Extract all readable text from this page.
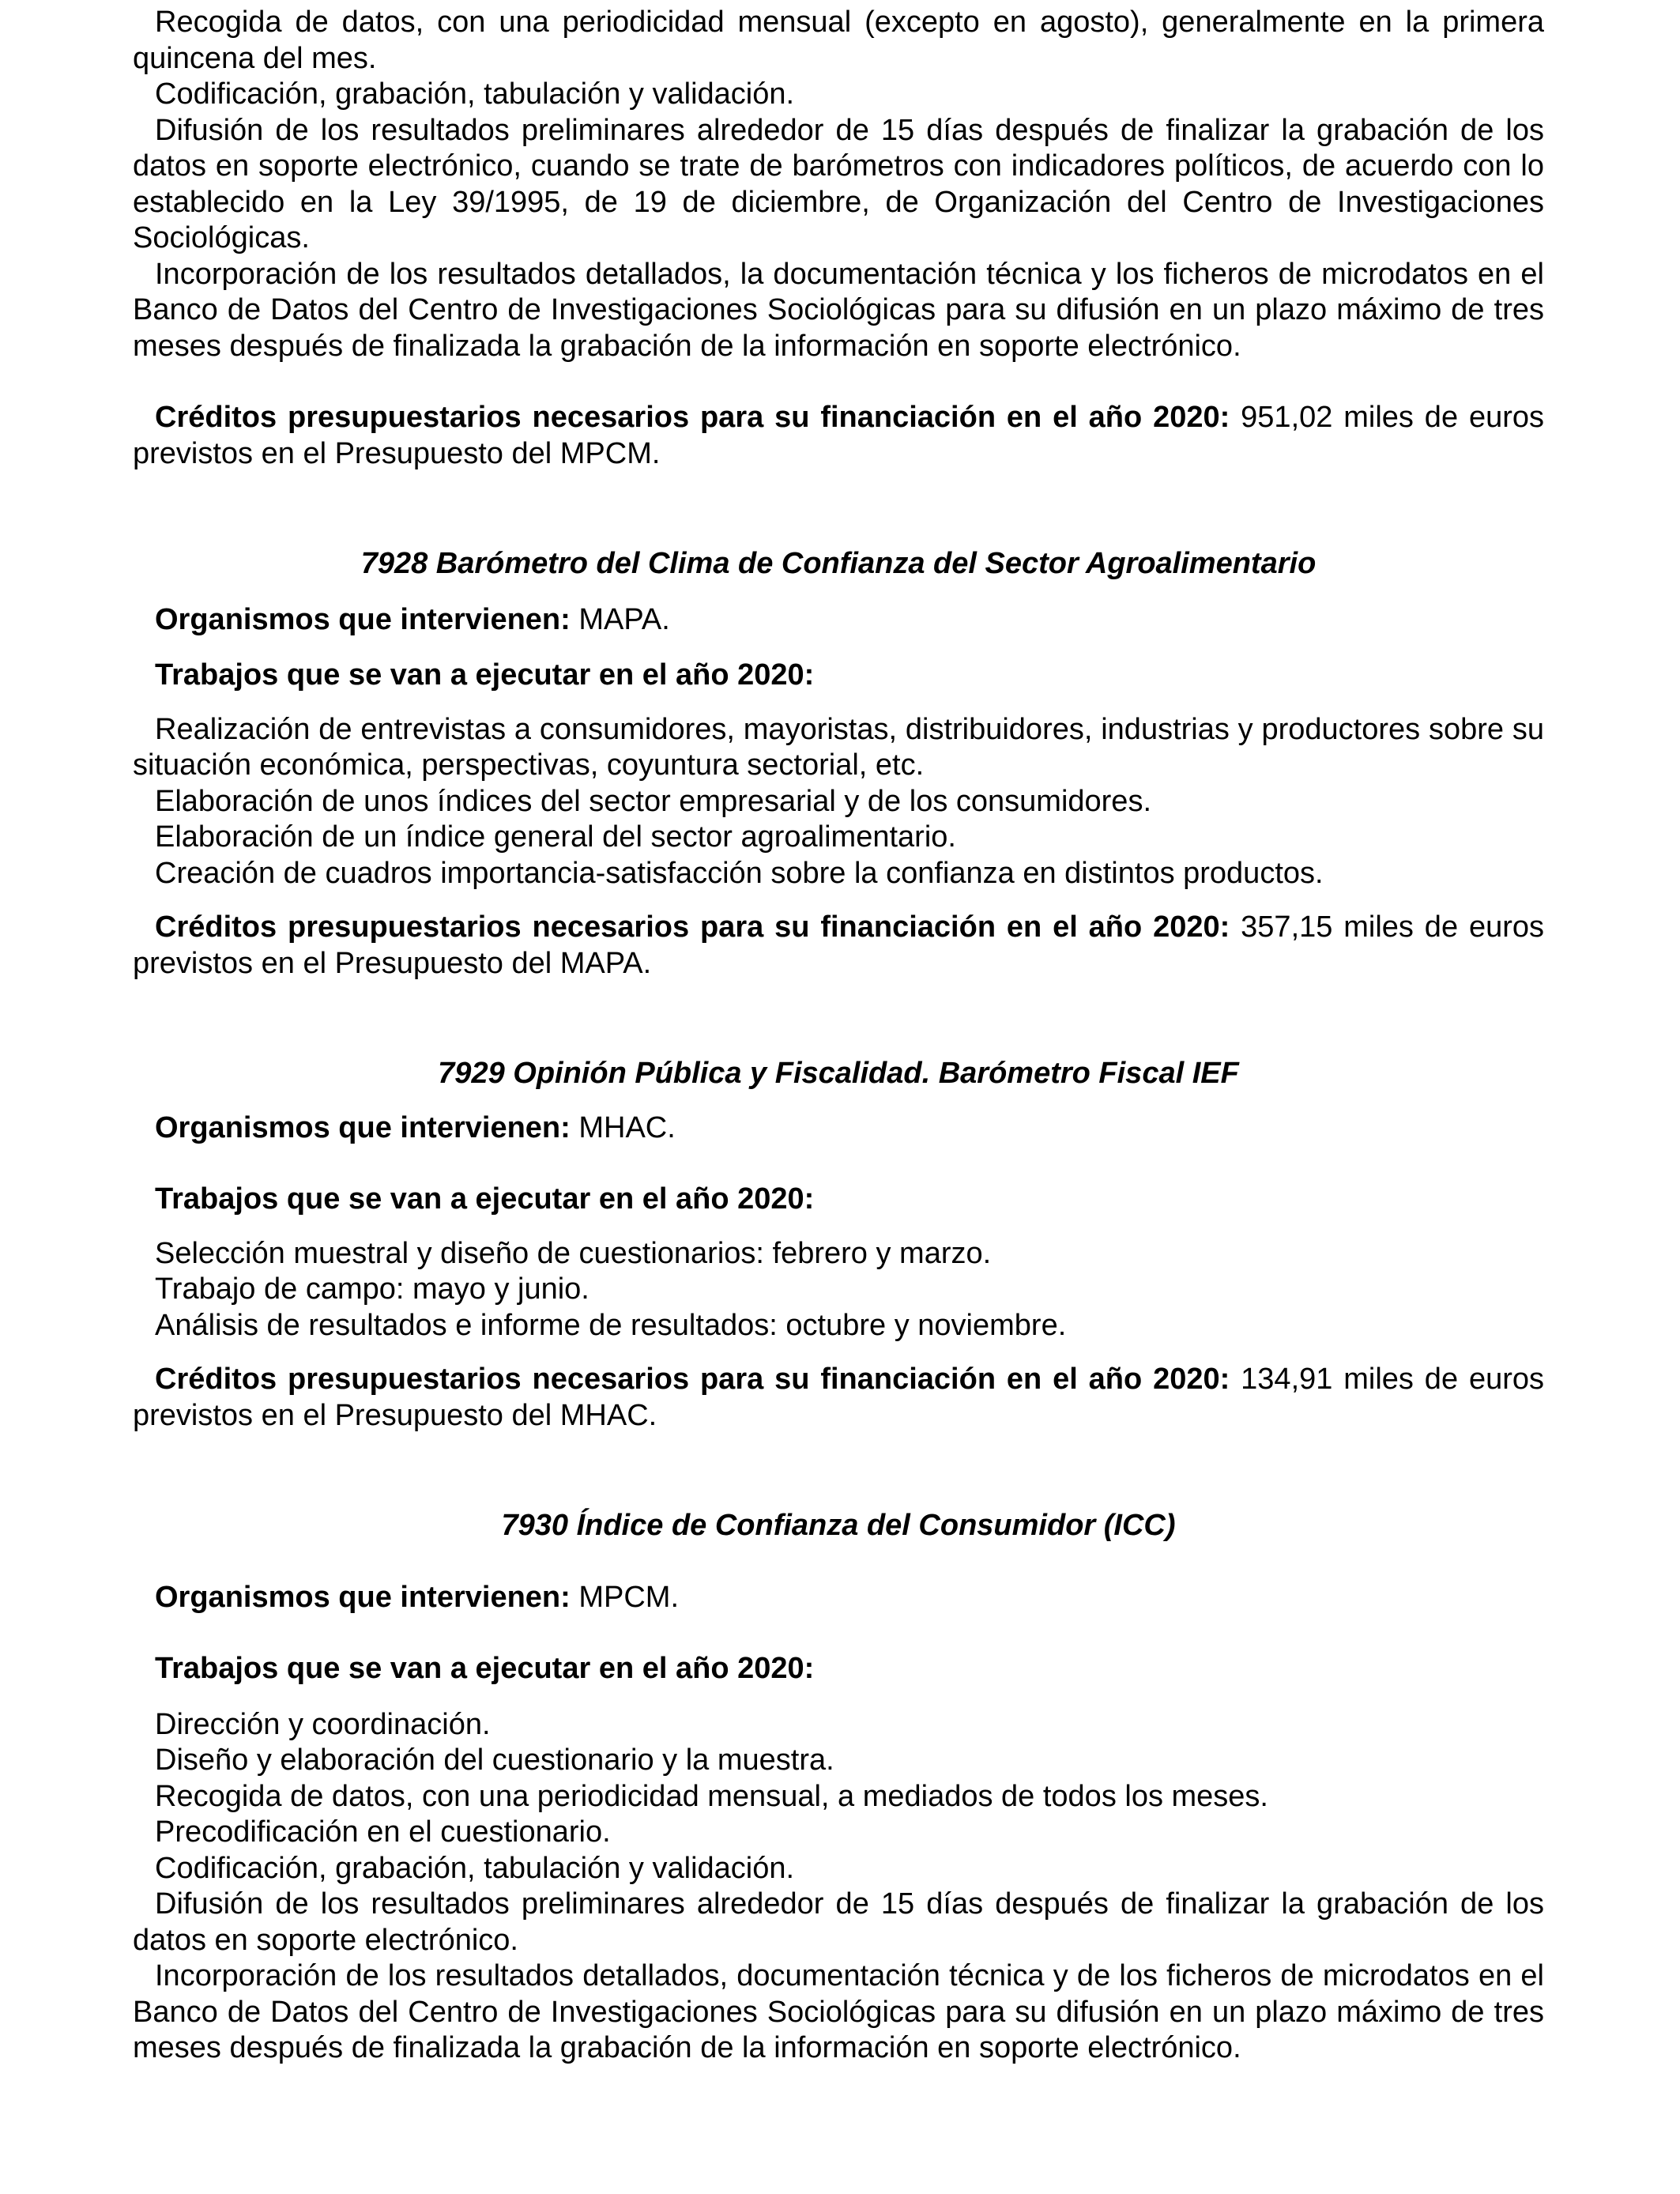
Recogida de datos, con una periodicidad mensual (excepto en agosto), generalmente en la primera quincena del mes.

Codificación, grabación, tabulación y validación.

Difusión de los resultados preliminares alrededor de 15 días después de finalizar la grabación de los datos en soporte electrónico, cuando se trate de barómetros con indicadores políticos, de acuerdo con lo establecido en la Ley 39/1995, de 19 de diciembre, de Organización del Centro de Investigaciones Sociológicas.

Incorporación de los resultados detallados, la documentación técnica y los ficheros de microdatos en el Banco de Datos del Centro de Investigaciones Sociológicas para su difusión en un plazo máximo de tres meses después de finalizada la grabación de la información en soporte electrónico.

Créditos presupuestarios necesarios para su financiación en el año 2020: 951,02 miles de euros previstos en el Presupuesto del MPCM.

7928 Barómetro del Clima de Confianza del Sector Agroalimentario

Organismos que intervienen: MAPA.

Trabajos que se van a ejecutar en el año 2020:

Realización de entrevistas a consumidores, mayoristas, distribuidores, industrias y productores sobre su situación económica, perspectivas, coyuntura sectorial, etc.

Elaboración de unos índices del sector empresarial y de los consumidores.

Elaboración de un índice general del sector agroalimentario.

Creación de cuadros importancia-satisfacción sobre la confianza en distintos productos.

Créditos presupuestarios necesarios para su financiación en el año 2020: 357,15 miles de euros previstos en el Presupuesto del MAPA.

7929 Opinión Pública y Fiscalidad. Barómetro Fiscal IEF

Organismos que intervienen: MHAC.

Trabajos que se van a ejecutar en el año 2020:

Selección muestral y diseño de cuestionarios: febrero y marzo.

Trabajo de campo: mayo y junio.

Análisis de resultados e informe de resultados: octubre y noviembre.

Créditos presupuestarios necesarios para su financiación en el año 2020: 134,91 miles de euros previstos en el Presupuesto del MHAC.

7930 Índice de Confianza del Consumidor (ICC)

Organismos que intervienen: MPCM.

Trabajos que se van a ejecutar en el año 2020:

Dirección y coordinación.

Diseño y elaboración del cuestionario y la muestra.

Recogida de datos, con una periodicidad mensual, a mediados de todos los meses.

Precodificación en el cuestionario.

Codificación, grabación, tabulación y validación.

Difusión de los resultados preliminares alrededor de 15 días después de finalizar la grabación de los datos en soporte electrónico.

Incorporación de los resultados detallados, documentación técnica y de los ficheros de microdatos en el Banco de Datos del Centro de Investigaciones Sociológicas para su difusión en un plazo máximo de tres meses después de finalizada la grabación de la información en soporte electrónico.
